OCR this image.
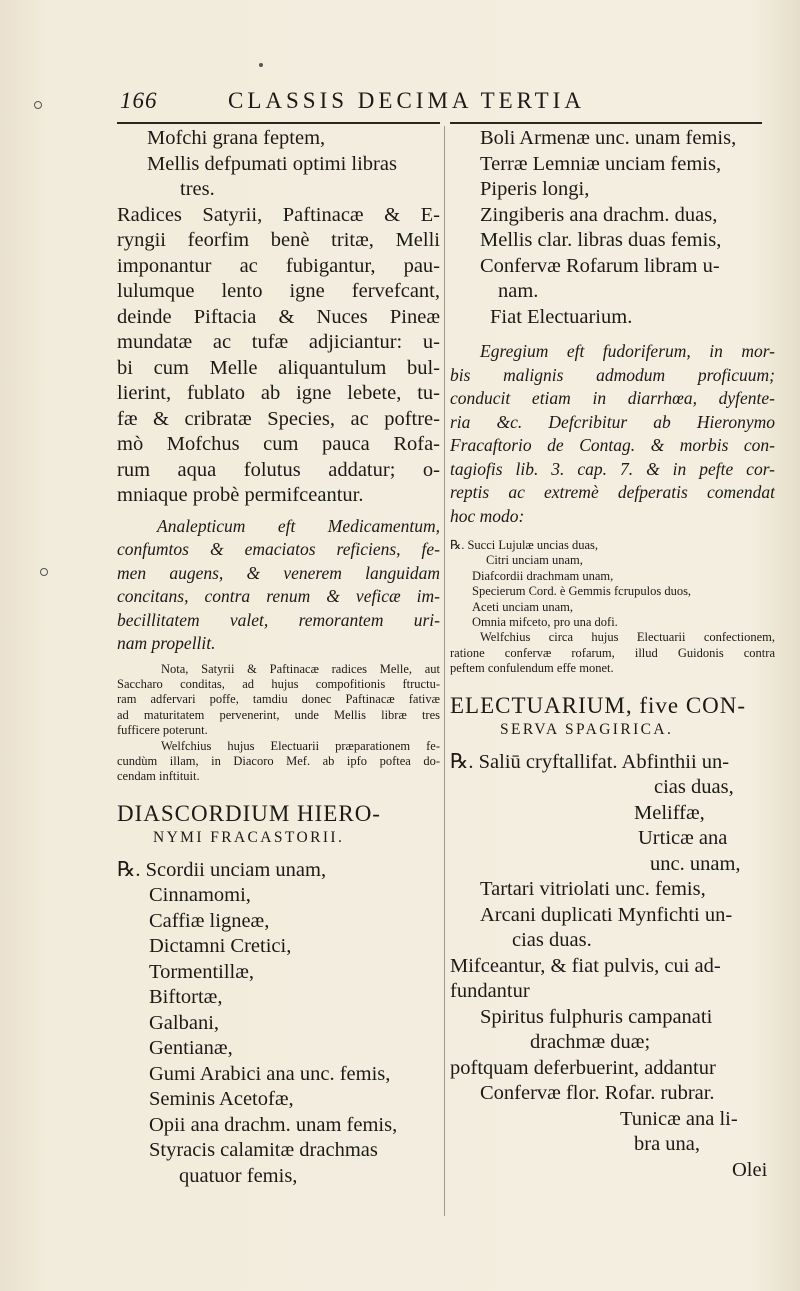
166	CLASSIS DECIMA TERTIA
Mofchi grana feptem,
Mellis defpumati optimi libras
tres.
Radices Satyrii, Paftinacæ & E-
ryngii feorfim benè tritæ, Melli
imponantur ac fubigantur, pau-
lulumque lento igne fervefcant,
deinde Piftacia & Nuces Pineæ
mundatæ ac tufæ adjiciantur: u-
bi cum Melle aliquantulum bul-
lierint, fublato ab igne lebete, tu-
fæ & cribratæ Species, ac poftre-
mò Mofchus cum pauca Rofa-
rum aqua folutus addatur; o-
mniaque probè permifceantur.
Analepticum eft Medicamentum,
confumtos & emaciatos reficiens, fe-
men augens, & venerem languidam
concitans, contra renum & veficæ im-
becillitatem valet, remorantem uri-
nam propellit.
Nota, Satyrii & Paftinacæ radices Melle, aut
Saccharo conditas, ad hujus compofitionis ftructu-
ram adfervari poffe, tamdiu donec Paftinacæ fativæ
ad maturitatem pervenerint, unde Mellis libræ tres
fufficere poterunt.
Welfchius hujus Electuarii præparationem fe-
cundùm illam, in Diacoro Mef. ab ipfo poftea do-
cendam inftituit.
DIASCORDIUM HIERO-
NYMI FRACASTORII.
℞. Scordii unciam unam,
Cinnamomi,
Caffiæ ligneæ,
Dictamni Cretici,
Tormentillæ,
Biftortæ,
Galbani,
Gentianæ,
Gumi Arabici ana unc. femis,
Seminis Acetofæ,
Opii ana drachm. unam femis,
Styracis calamitæ drachmas
quatuor femis,
Boli Armenæ unc. unam femis,
Terræ Lemniæ unciam femis,
Piperis longi,
Zingiberis ana drachm. duas,
Mellis clar. libras duas femis,
Confervæ Rofarum libram u-
nam.
Fiat Electuarium.
Egregium eft fudoriferum, in mor-
bis malignis admodum proficuum;
conducit etiam in diarrhœa, dyfente-
ria &c. Defcribitur ab Hieronymo
Fracaftorio de Contag. & morbis con-
tagiofis lib. 3. cap. 7. & in pefte cor-
reptis ac extremè defperatis comendat
hoc modo:
℞. Succi Lujulæ uncias duas,
Citri unciam unam,
Diafcordii drachmam unam,
Specierum Cord. è Gemmis fcrupulos duos,
Aceti unciam unam,
Omnia mifceto, pro una dofi.
Welfchius circa hujus Electuarii confectionem,
ratione confervæ rofarum, illud Guidonis contra
peftem confulendum effe monet.
ELECTUARIUM, five CON-
SERVA SPAGIRICA.
℞. Saliū cryftallifat. Abfinthii un-
cias duas,
Meliffæ,
Urticæ ana
unc. unam,
Tartari vitriolati unc. femis,
Arcani duplicati Mynfichti un-
cias duas.
Mifceantur, & fiat pulvis, cui ad-
fundantur
Spiritus fulphuris campanati
drachmæ duæ;
poftquam deferbuerint, addantur
Confervæ flor. Rofar. rubrar.
Tunicæ ana li-
bra una,
Olei
